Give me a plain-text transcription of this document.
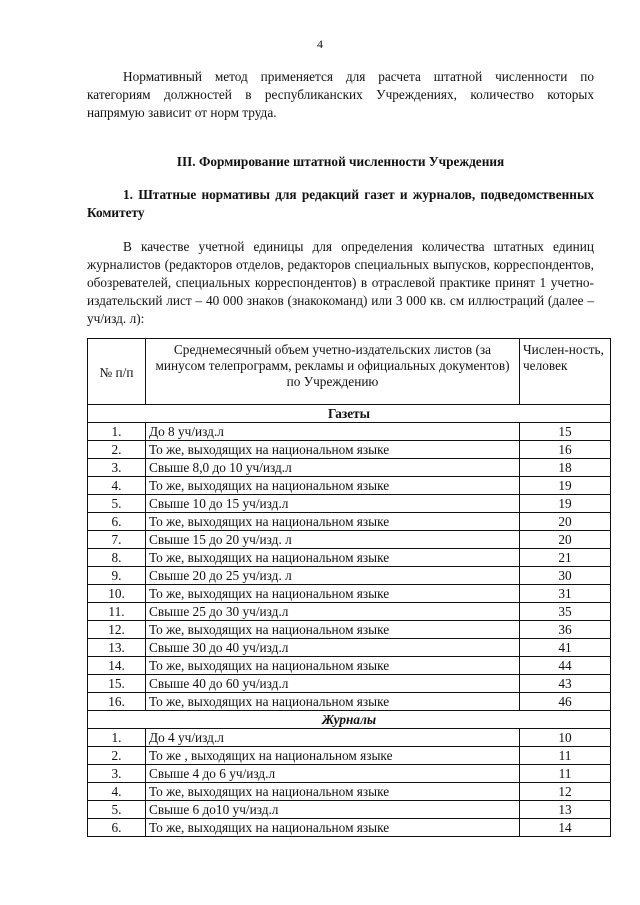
4

Нормативный метод применяется для расчета штатной численности по категориям должностей в республиканских Учреждениях, количество которых напрямую зависит от норм труда.

III. Формирование штатной численности Учреждения

1. Штатные нормативы для редакций газет и журналов, подведомственных Комитету

В качестве учетной единицы для определения количества штатных единиц журналистов (редакторов отделов, редакторов специальных выпусков, корреспондентов, обозревателей, специальных корреспондентов) в отраслевой практике принят 1 учетно-издательский лист – 40 000 знаков (знакокоманд) или 3 000 кв. см иллюстраций (далее – уч/изд. л):

№ п/п	Среднемесячный объем учетно-издательских листов (за минусом телепрограмм, рекламы и официальных документов) по Учреждению	Числен-ность, человек
Газеты		
1.	До 8 уч/изд.л	15
2.	То же, выходящих на национальном языке	16
3.	Свыше 8,0 до 10 уч/изд.л	18
4.	То же, выходящих на национальном языке	19
5.	Свыше 10 до 15 уч/изд.л	19
6.	То же, выходящих на национальном языке	20
7.	Свыше 15 до 20 уч/изд. л	20
8.	То же, выходящих на национальном языке	21
9.	Свыше 20 до 25 уч/изд. л	30
10.	То же, выходящих на национальном языке	31
11.	Свыше 25 до 30 уч/изд.л	35
12.	То же, выходящих на национальном языке	36
13.	Свыше 30 до 40 уч/изд.л	41
14.	То же, выходящих на национальном языке	44
15.	Свыше 40 до 60 уч/изд.л	43
16.	То же, выходящих на национальном языке	46
Журналы		
1.	До 4 уч/изд.л	10
2.	То же , выходящих на национальном языке	11
3.	Свыше 4 до 6 уч/изд.л	11
4.	То же, выходящих на национальном языке	12
5.	Свыше 6 до10 уч/изд.л	13
6.	То же, выходящих на национальном языке	14
